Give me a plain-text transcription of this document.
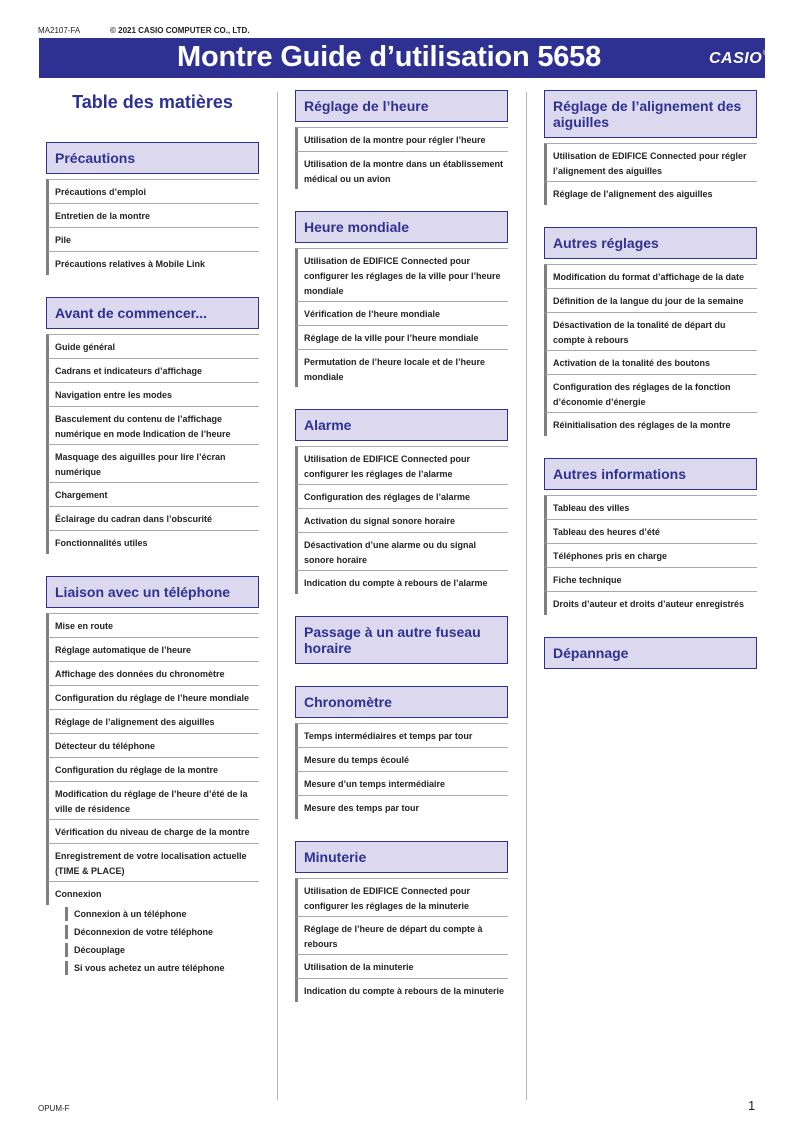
MA2107-FA	© 2021 CASIO COMPUTER CO., LTD.
Montre Guide d’utilisation 5658	CASIO®
Table des matières
Précautions
Précautions d’emploi
Entretien de la montre
Pile
Précautions relatives à Mobile Link
Avant de commencer...
Guide général
Cadrans et indicateurs d’affichage
Navigation entre les modes
Basculement du contenu de l’affichage numérique en mode Indication de l’heure
Masquage des aiguilles pour lire l’écran numérique
Chargement
Éclairage du cadran dans l’obscurité
Fonctionnalités utiles
Liaison avec un téléphone
Mise en route
Réglage automatique de l’heure
Affichage des données du chronomètre
Configuration du réglage de l’heure mondiale
Réglage de l’alignement des aiguilles
Détecteur du téléphone
Configuration du réglage de la montre
Modification du réglage de l’heure d’été de la ville de résidence
Vérification du niveau de charge de la montre
Enregistrement de votre localisation actuelle (TIME & PLACE)
Connexion
Connexion à un téléphone
Déconnexion de votre téléphone
Découplage
Si vous achetez un autre téléphone
Réglage de l’heure
Utilisation de la montre pour régler l’heure
Utilisation de la montre dans un établissement médical ou un avion
Heure mondiale
Utilisation de EDIFICE Connected pour configurer les réglages de la ville pour l’heure mondiale
Vérification de l’heure mondiale
Réglage de la ville pour l’heure mondiale
Permutation de l’heure locale et de l’heure mondiale
Alarme
Utilisation de EDIFICE Connected pour configurer les réglages de l’alarme
Configuration des réglages de l’alarme
Activation du signal sonore horaire
Désactivation d’une alarme ou du signal sonore horaire
Indication du compte à rebours de l’alarme
Passage à un autre fuseau horaire
Chronomètre
Temps intermédiaires et temps par tour
Mesure du temps écoulé
Mesure d’un temps intermédiaire
Mesure des temps par tour
Minuterie
Utilisation de EDIFICE Connected pour configurer les réglages de la minuterie
Réglage de l’heure de départ du compte à rebours
Utilisation de la minuterie
Indication du compte à rebours de la minuterie
Réglage de l’alignement des aiguilles
Utilisation de EDIFICE Connected pour régler l’alignement des aiguilles
Réglage de l’alignement des aiguilles
Autres réglages
Modification du format d’affichage de la date
Définition de la langue du jour de la semaine
Désactivation de la tonalité de départ du compte à rebours
Activation de la tonalité des boutons
Configuration des réglages de la fonction d’économie d’énergie
Réinitialisation des réglages de la montre
Autres informations
Tableau des villes
Tableau des heures d’été
Téléphones pris en charge
Fiche technique
Droits d’auteur et droits d’auteur enregistrés
Dépannage
OPUM-F	1
